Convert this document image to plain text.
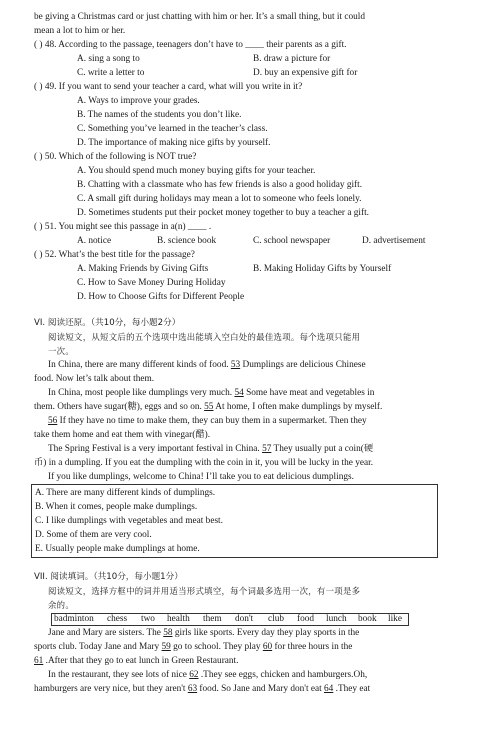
be giving a Christmas card or just chatting with him or her. It’s a small thing, but it could
mean a lot to him or her.
( ) 48. According to the passage, teenagers don’t have to ____ their parents as a gift.
A. sing a song to	B. draw a picture for
C. write a letter to	D. buy an expensive gift for
( ) 49. If you want to send your teacher a card, what will you write in it?
A. Ways to improve your grades.
B. The names of the students you don’t like.
C. Something you’ve learned in the teacher’s class.
D. The importance of making nice gifts by yourself.
( ) 50. Which of the following is NOT true?
A. You should spend much money buying gifts for your teacher.
B. Chatting with a classmate who has few friends is also a good holiday gift.
C. A small gift during holidays may mean a lot to someone who feels lonely.
D. Sometimes students put their pocket money together to buy a teacher a gift.
( ) 51. You might see this passage in a(n) ____ .
A. notice	B. science book	C. school newspaper	D. advertisement
( ) 52. What’s the best title for the passage?
A. Making Friends by Giving Gifts	B. Making Holiday Gifts by Yourself
C. How to Save Money During Holiday
D. How to Choose Gifts for Different People
VI. 阅读还原。（共10分，每小题2分）
阅读短文，从短文后的五个选项中选出能填入空白处的最佳选项。每个选项只能用
一次。
In China, there are many different kinds of food. 53 Dumplings are delicious Chinese
food. Now let’s talk about them.
In China, most people like dumplings very much. 54 Some have meat and vegetables in
them. Others have sugar(糖), eggs and so on. 55 At home, I often make dumplings by myself.
56 If they have no time to make them, they can buy them in a supermarket. Then they
take them home and eat them with vinegar(醋).
The Spring Festival is a very important festival in China. 57 They usually put a coin(硬
币) in a dumpling. If you eat the dumpling with the coin in it, you will be lucky in the year.
If you like dumplings, welcome to China! I’ll take you to eat delicious dumplings.
A. There are many different kinds of dumplings.
B. When it comes, people make dumplings.
C. I like dumplings with vegetables and meat best.
D. Some of them are very cool.
E. Usually people make dumplings at home.
VII. 阅读填词。（共10分，每小题1分）
阅读短文，选择方框中的词并用适当形式填空，每个词最多选用一次，有一项是多
余的。
badminton chess two health them don't club food lunch book like
Jane and Mary are sisters. The 58 girls like sports. Every day they play sports in the
sports club. Today Jane and Mary 59 go to school. They play 60 for three hours in the
61 .After that they go to eat lunch in Green Restaurant.
In the restaurant, they see lots of nice 62 .They see eggs, chicken and hamburgers.Oh,
hamburgers are very nice, but they aren't 63 food. So Jane and Mary don't eat 64 .They eat
